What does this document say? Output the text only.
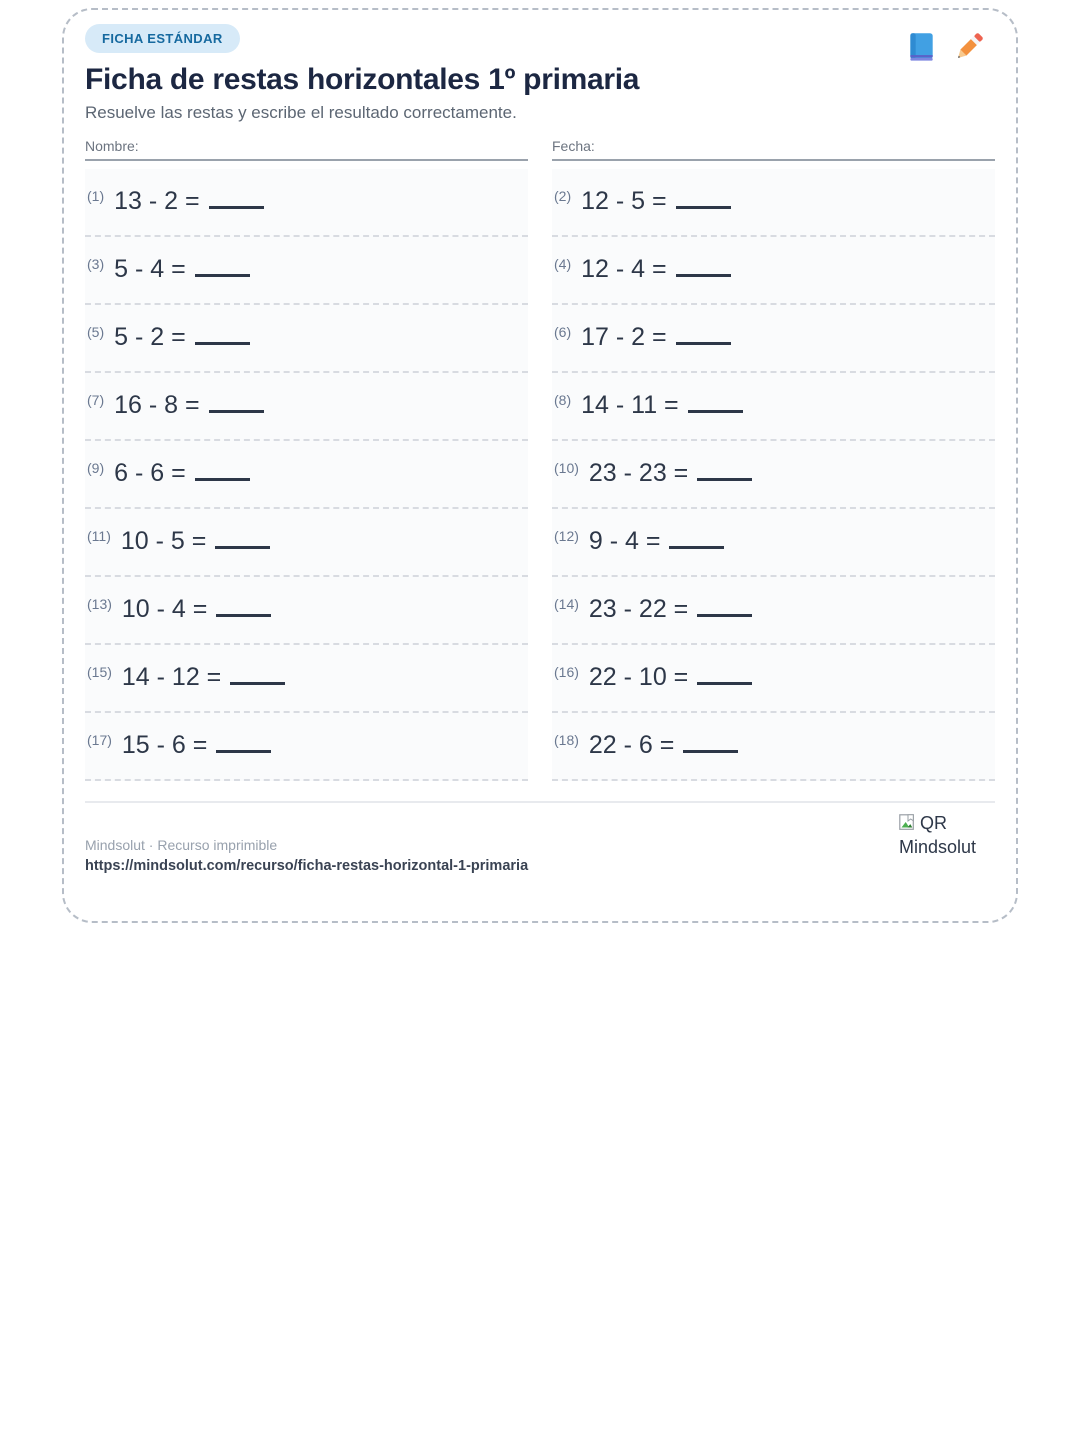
FICHA ESTÁNDAR
Ficha de restas horizontales 1º primaria
Resuelve las restas y escribe el resultado correctamente.
Nombre:	Fecha:
(1) 13 - 2 =	(2) 12 - 5 =
(3) 5 - 4 =	(4) 12 - 4 =
(5) 5 - 2 =	(6) 17 - 2 =
(7) 16 - 8 =	(8) 14 - 11 =
(9) 6 - 6 =	(10) 23 - 23 =
(11) 10 - 5 =	(12) 9 - 4 =
(13) 10 - 4 =	(14) 23 - 22 =
(15) 14 - 12 =	(16) 22 - 10 =
(17) 15 - 6 =	(18) 22 - 6 =
Mindsolut · Recurso imprimible
https://mindsolut.com/recurso/ficha-restas-horizontal-1-primaria
QR Mindsolut
